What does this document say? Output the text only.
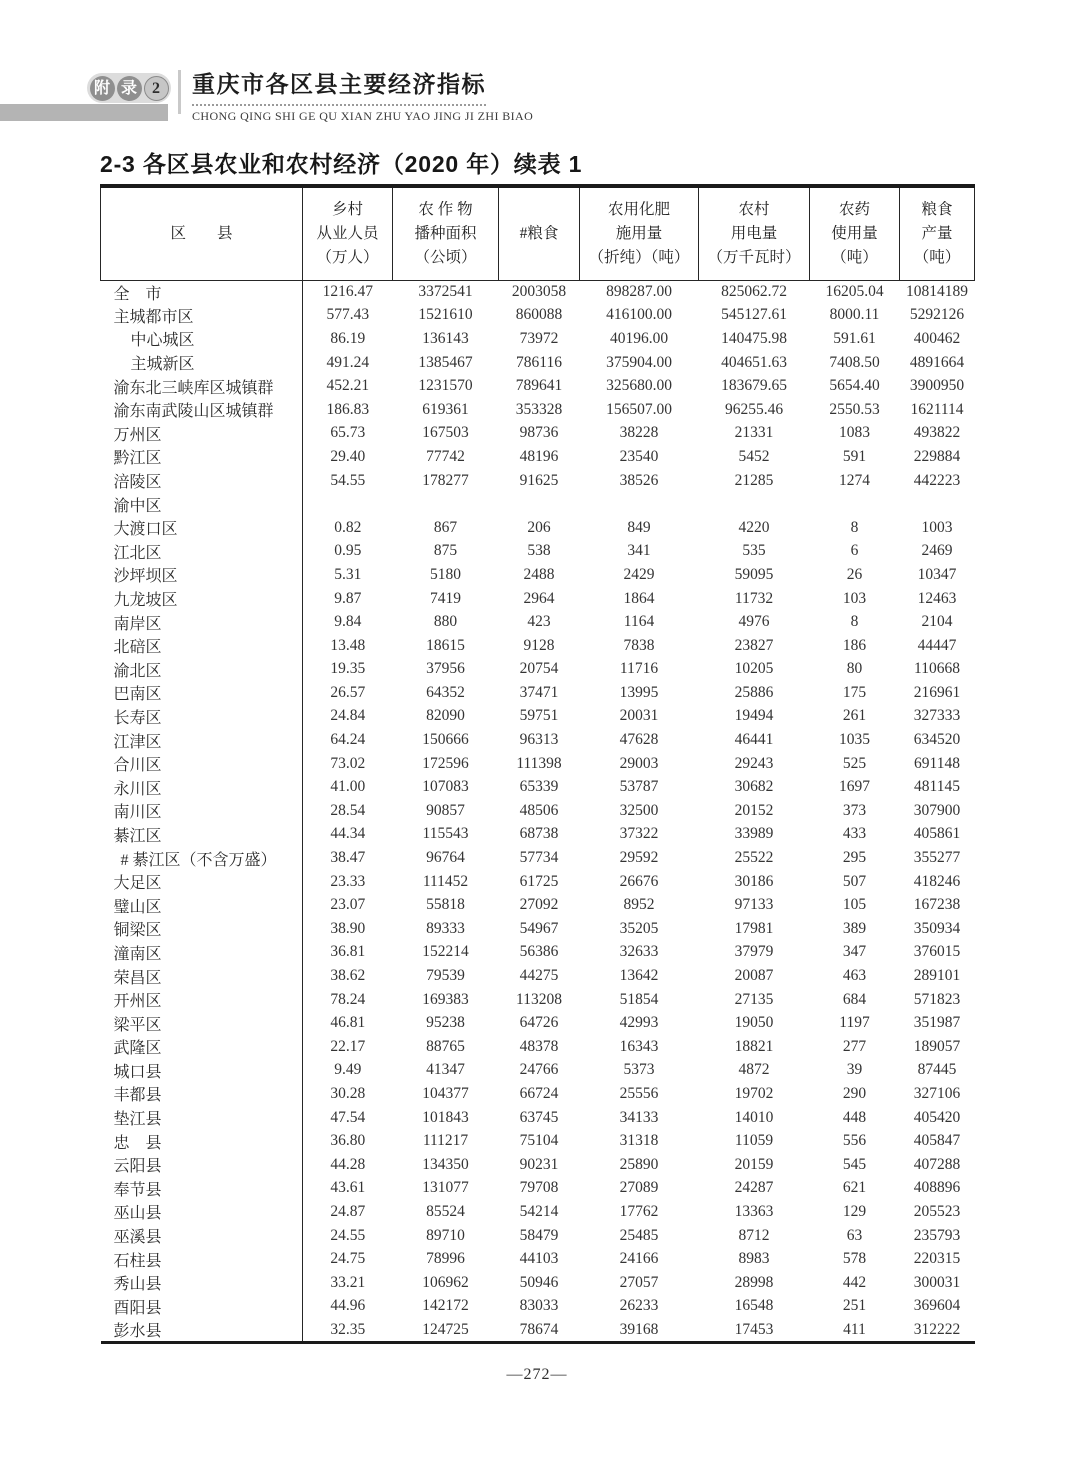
附 录 2	重庆市各区县主要经济指标
CHONG QING SHI GE QU XIAN ZHU YAO JING JI ZHI BIAO
2-3 各区县农业和农村经济（2020 年）续表 1
区　　县

乡村
从业人员
（万人）

农 作 物
播种面积
（公顷）

#粮食

农用化肥
施用量
（折纯）（吨）

农村
用电量
（万千瓦时）

农药
使用量
（吨）

粮食
产量
（吨）

全　市	1216.47	3372541	2003058	898287.00	825062.72	16205.04	10814189
主城都市区	577.43	1521610	860088	416100.00	545127.61	8000.11	5292126
中心城区	86.19	136143	73972	40196.00	140475.98	591.61	400462
主城新区	491.24	1385467	786116	375904.00	404651.63	7408.50	4891664
渝东北三峡库区城镇群	452.21	1231570	789641	325680.00	183679.65	5654.40	3900950
渝东南武陵山区城镇群	186.83	619361	353328	156507.00	96255.46	2550.53	1621114
万州区	65.73	167503	98736	38228	21331	1083	493822
黔江区	29.40	77742	48196	23540	5452	591	229884
涪陵区	54.55	178277	91625	38526	21285	1274	442223
渝中区							
大渡口区	0.82	867	206	849	4220	8	1003
江北区	0.95	875	538	341	535	6	2469
沙坪坝区	5.31	5180	2488	2429	59095	26	10347
九龙坡区	9.87	7419	2964	1864	11732	103	12463
南岸区	9.84	880	423	1164	4976	8	2104
北碚区	13.48	18615	9128	7838	23827	186	44447
渝北区	19.35	37956	20754	11716	10205	80	110668
巴南区	26.57	64352	37471	13995	25886	175	216961
长寿区	24.84	82090	59751	20031	19494	261	327333
江津区	64.24	150666	96313	47628	46441	1035	634520
合川区	73.02	172596	111398	29003	29243	525	691148
永川区	41.00	107083	65339	53787	30682	1697	481145
南川区	28.54	90857	48506	32500	20152	373	307900
綦江区	44.34	115543	68738	37322	33989	433	405861
# 綦江区（不含万盛）	38.47	96764	57734	29592	25522	295	355277
大足区	23.33	111452	61725	26676	30186	507	418246
璧山区	23.07	55818	27092	8952	97133	105	167238
铜梁区	38.90	89333	54967	35205	17981	389	350934
潼南区	36.81	152214	56386	32633	37979	347	376015
荣昌区	38.62	79539	44275	13642	20087	463	289101
开州区	78.24	169383	113208	51854	27135	684	571823
梁平区	46.81	95238	64726	42993	19050	1197	351987
武隆区	22.17	88765	48378	16343	18821	277	189057
城口县	9.49	41347	24766	5373	4872	39	87445
丰都县	30.28	104377	66724	25556	19702	290	327106
垫江县	47.54	101843	63745	34133	14010	448	405420
忠　县	36.80	111217	75104	31318	11059	556	405847
云阳县	44.28	134350	90231	25890	20159	545	407288
奉节县	43.61	131077	79708	27089	24287	621	408896
巫山县	24.87	85524	54214	17762	13363	129	205523
巫溪县	24.55	89710	58479	25485	8712	63	235793
石柱县	24.75	78996	44103	24166	8983	578	220315
秀山县	33.21	106962	50946	27057	28998	442	300031
酉阳县	44.96	142172	83033	26233	16548	251	369604
彭水县	32.35	124725	78674	39168	17453	411	312222
—272—
